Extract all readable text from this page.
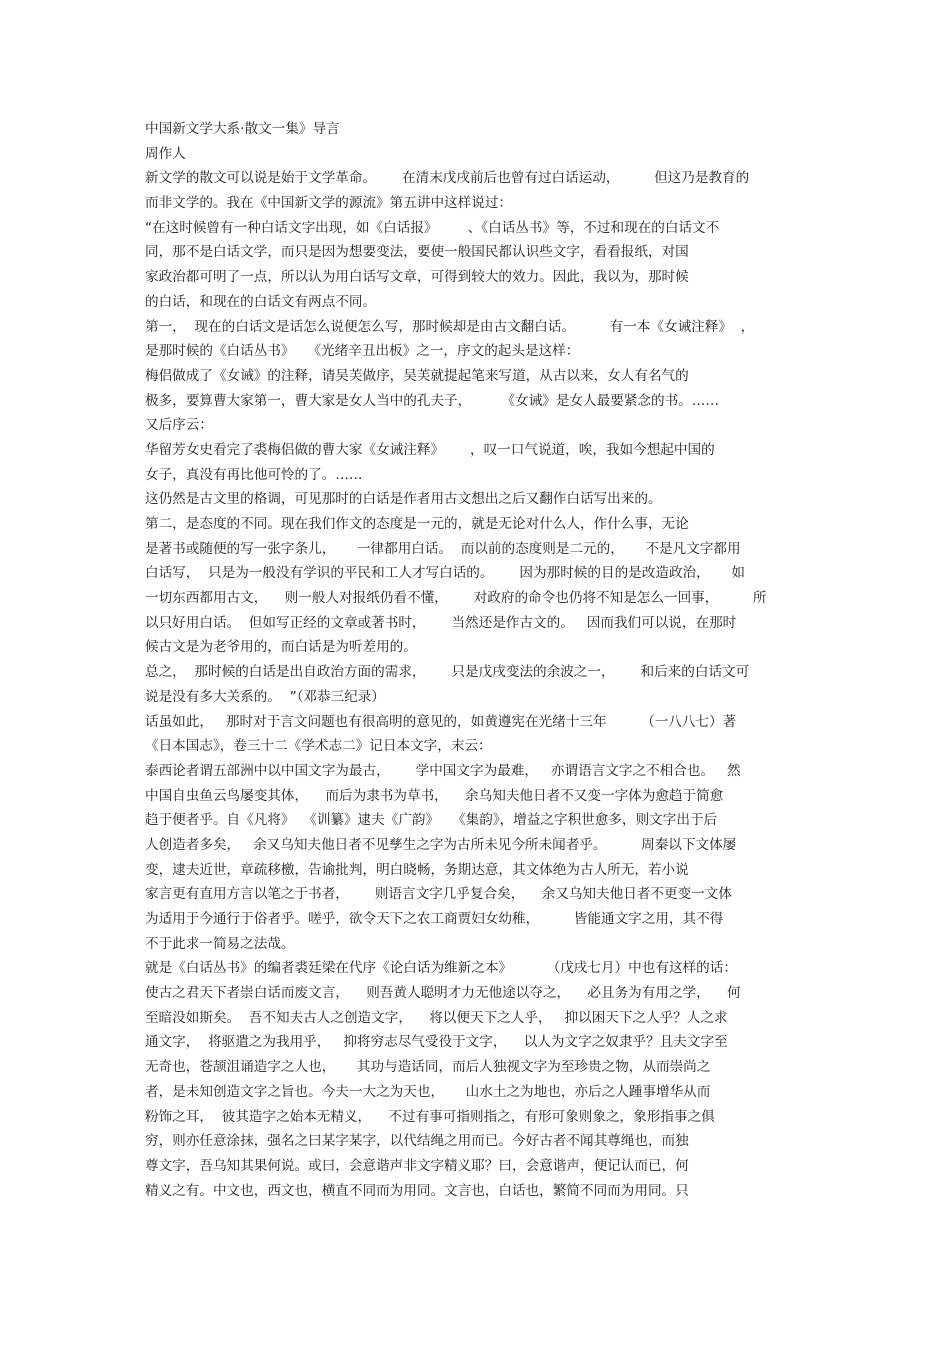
中国新文学大系·散文一集》导言
周作人
新文学的散文可以说是始于文学革命。      在清末戊戌前后也曾有过白话运动，        但这乃是教育的
而非文学的。我在《中国新文学的源流》第五讲中这样说过：
“在这时候曾有一种白话文字出现，如《白话报》       、《白话丛书》等，不过和现在的白话文不
同，那不是白话文学，而只是因为想要变法，要使一般国民都认识些文字，看看报纸，对国
家政治都可明了一点，所以认为用白话写文章，可得到较大的效力。因此，我以为，那时候
的白话，和现在的白话文有两点不同。
第一，  现在的白话文是话怎么说便怎么写，那时候却是由古文翻白话。        有一本《女诫注释》  ，
是那时候的《白话丛书》   《光绪辛丑出板》之一，序文的起头是这样：
梅侣做成了《女诫》的注释，请吴芙做序，吴芙就提起笔来写道，从古以来，女人有名气的
极多，要算曹大家第一，曹大家是女人当中的孔夫子，       《女诫》是女人最要紧念的书。……
又后序云：
华留芳女史看完了裘梅侣做的曹大家《女诫注释》      ，叹一口气说道，唉，我如今想起中国的
女子，真没有再比他可怜的了。……
这仍然是古文里的格调，可见那时的白话是作者用古文想出之后又翻作白话写出来的。
第二，是态度的不同。现在我们作文的态度是一元的，就是无论对什么人，作什么事，无论
是著书或随便的写一张字条儿，     一律都用白话。  而以前的态度则是二元的，     不是凡文字都用
白话写，  只是为一般没有学识的平民和工人才写白话的。      因为那时候的目的是改造政治，     如
一切东西都用古文，    则一般人对报纸仍看不懂，      对政府的命令也仍将不知是怎么一回事，        所
以只好用白话。  但如写正经的文章或著书时，      当然还是作古文的。   因而我们可以说，在那时
候古文是为老爷用的，而白话是为听差用的。
总之，  那时候的白话是出自政治方面的需求，      只是戊戌变法的余波之一，      和后来的白话文可
说是没有多大关系的。  ”（邓恭三纪录）
话虽如此，   那时对于言文问题也有很高明的意见的，如黄遵宪在光绪十三年        （一八八七）著
《日本国志》，卷三十二《学术志二》记日本文字，末云：
泰西论者谓五部洲中以中国文字为最古，      学中国文字为最难，   亦谓语言文字之不相合也。   然
中国自虫鱼云鸟屡变其体，    而后为隶书为草书，    余乌知夫他日者不又变一字体为愈趋于简愈
趋于便者乎。自《凡将》  《训纂》逮夫《广韵》   《集韵》，增益之字积世愈多，则文字出于后
人创造者多矣，   余又乌知夫他日者不见孳生之字为古所未见今所未闻者乎。        周秦以下文体屡
变，逮夫近世，章疏移檄，告谕批判，明白晓畅，务期达意，其文体绝为古人所无，若小说
家言更有直用方言以笔之于书者，      则语言文字几乎复合矣，    余又乌知夫他日者不更变一文体
为适用于今通行于俗者乎。嗟乎，欲令天下之农工商贾妇女幼稚，        皆能通文字之用，其不得
不于此求一简易之法哉。
就是《白话丛书》的编者裘廷梁在代序《论白话为维新之本》        （戊戌七月）中也有这样的话：
使古之君天下者崇白话而废文言，    则吾黄人聪明才力无他途以夺之，    必且务为有用之学，    何
至暗没如斯矣。  吾不知夫古人之创造文字，    将以便天下之人乎，   抑以困天下之人乎？人之求
通文字，  将驱遣之为我用乎，   抑将穷志尽气受役于文字，    以人为文字之奴隶乎？且夫文字至
无奇也，苍颉沮诵造字之人也，     其功与造话同，而后人独视文字为至珍贵之物，从而崇尚之
者，是未知创造文字之旨也。今夫一大之为天也，     山水土之为地也，亦后之人踵事增华从而
粉饰之耳，  彼其造字之始本无精义，    不过有事可指则指之，有形可象则象之，象形指事之俱
穷，则亦任意涂抹，强名之曰某字某字，以代结绳之用而已。今好古者不闻其尊绳也，而独
尊文字，吾乌知其果何说。或曰，会意谐声非文字精义耶？曰，会意谐声，便记认而已，何
精义之有。中文也，西文也，横直不同而为用同。文言也，白话也，繁简不同而为用同。只
